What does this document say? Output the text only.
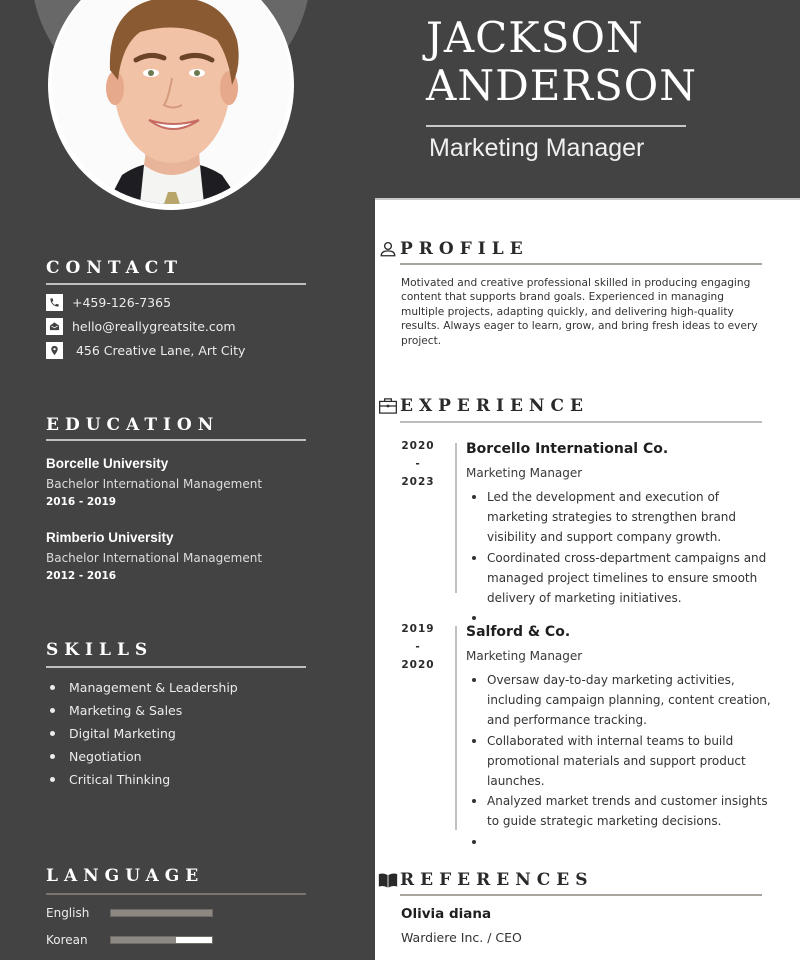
JACKSON
ANDERSON
Marketing Manager
CONTACT
+459-126-7365
hello@reallygreatsite.com
456 Creative Lane, Art City
EDUCATION
Borcelle University
Bachelor International Management
2016 - 2019
Rimberio University
Bachelor International Management
2012 - 2016
SKILLS
Management & Leadership
Marketing & Sales
Digital Marketing
Negotiation
Critical Thinking
LANGUAGE
English
Korean
PROFILE
Motivated and creative professional skilled in producing engaging content that supports brand goals. Experienced in managing multiple projects, adapting quickly, and delivering high-quality results. Always eager to learn, grow, and bring fresh ideas to every project.
EXPERIENCE
2020
-
2023
Borcello International Co.
Marketing Manager
Led the development and execution of marketing strategies to strengthen brand visibility and support company growth.
Coordinated cross-department campaigns and managed project timelines to ensure smooth delivery of marketing initiatives.
2019
-
2020
Salford & Co.
Marketing Manager
Oversaw day-to-day marketing activities, including campaign planning, content creation, and performance tracking.
Collaborated with internal teams to build promotional materials and support product launches.
Analyzed market trends and customer insights to guide strategic marketing decisions.
REFERENCES
Olivia diana
Wardiere Inc. / CEO
